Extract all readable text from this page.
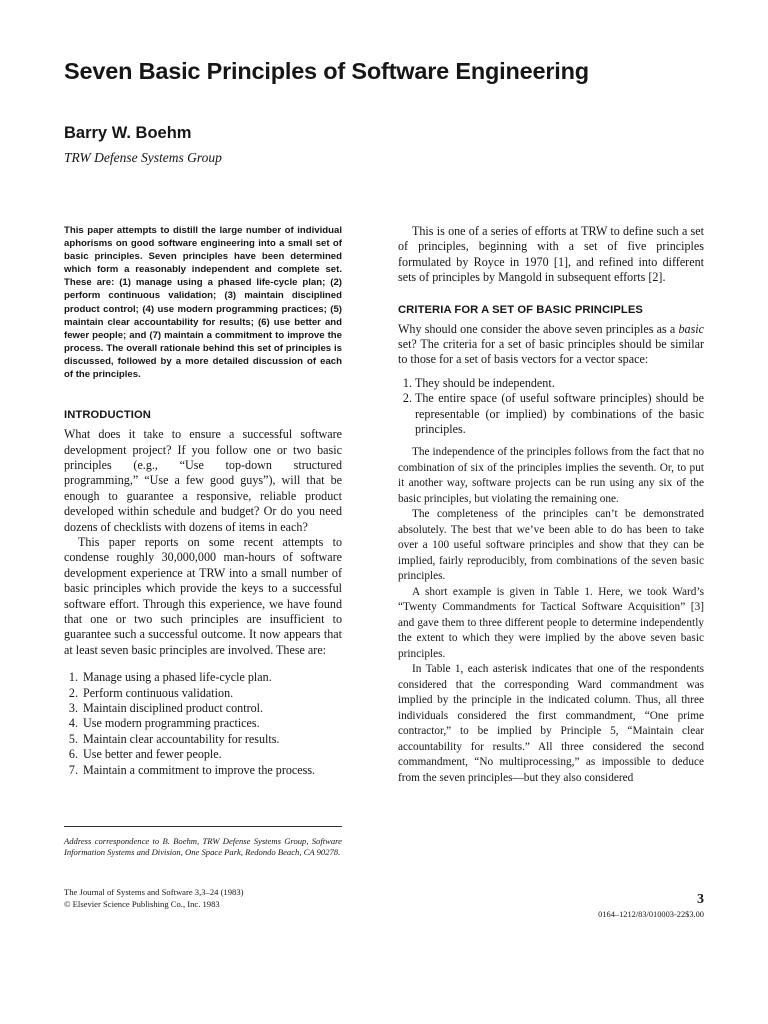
Seven Basic Principles of Software Engineering
Barry W. Boehm
TRW Defense Systems Group

This paper attempts to distill the large number of individual aphorisms on good software engineering into a small set of basic principles. Seven principles have been determined which form a reasonably independent and complete set. These are: (1) manage using a phased life-cycle plan; (2) perform continuous validation; (3) maintain disciplined product control; (4) use modern programming practices; (5) maintain clear accountability for results; (6) use better and fewer people; and (7) maintain a commitment to improve the process. The overall rationale behind this set of principles is discussed, followed by a more detailed discussion of each of the principles.

INTRODUCTION

What does it take to ensure a successful software development project? If you follow one or two basic principles (e.g., “Use top-down structured programming,” “Use a few good guys”), will that be enough to guarantee a responsive, reliable product developed within schedule and budget? Or do you need dozens of checklists with dozens of items in each?

This paper reports on some recent attempts to condense roughly 30,000,000 man-hours of software development experience at TRW into a small number of basic principles which provide the keys to a successful software effort. Through this experience, we have found that one or two such principles are insufficient to guarantee such a successful outcome. It now appears that at least seven basic principles are involved. These are:

1. Manage using a phased life-cycle plan.
2. Perform continuous validation.
3. Maintain disciplined product control.
4. Use modern programming practices.
5. Maintain clear accountability for results.
6. Use better and fewer people.
7. Maintain a commitment to improve the process.
Address correspondence to B. Boehm, TRW Defense Systems Group, Software Information Systems and Division, One Space Park, Redondo Beach, CA 90278.
The Journal of Systems and Software 3,3–24 (1983)
© Elsevier Science Publishing Co., Inc. 1983	3
0164–1212/83/010003-22$3.00

This is one of a series of efforts at TRW to define such a set of principles, beginning with a set of five principles formulated by Royce in 1970 [1], and refined into different sets of principles by Mangold in subsequent efforts [2].

CRITERIA FOR A SET OF BASIC PRINCIPLES

Why should one consider the above seven principles as a basic set? The criteria for a set of basic principles should be similar to those for a set of basis vectors for a vector space:

1. They should be independent.
2. The entire space (of useful software principles) should be representable (or implied) by combinations of the basic principles.

The independence of the principles follows from the fact that no combination of six of the principles implies the seventh. Or, to put it another way, software projects can be run using any six of the basic principles, but violating the remaining one.

The completeness of the principles can’t be demonstrated absolutely. The best that we’ve been able to do has been to take over a 100 useful software principles and show that they can be implied, fairly reproducibly, from combinations of the seven basic principles.

A short example is given in Table 1. Here, we took Ward’s “Twenty Commandments for Tactical Software Acquisition” [3] and gave them to three different people to determine independently the extent to which they were implied by the above seven basic principles.

In Table 1, each asterisk indicates that one of the respondents considered that the corresponding Ward commandment was implied by the principle in the indicated column. Thus, all three individuals considered the first commandment, “One prime contractor,” to be implied by Principle 5, “Maintain clear accountability for results.” All three considered the second commandment, “No multiprocessing,” as impossible to deduce from the seven principles—but they also considered
